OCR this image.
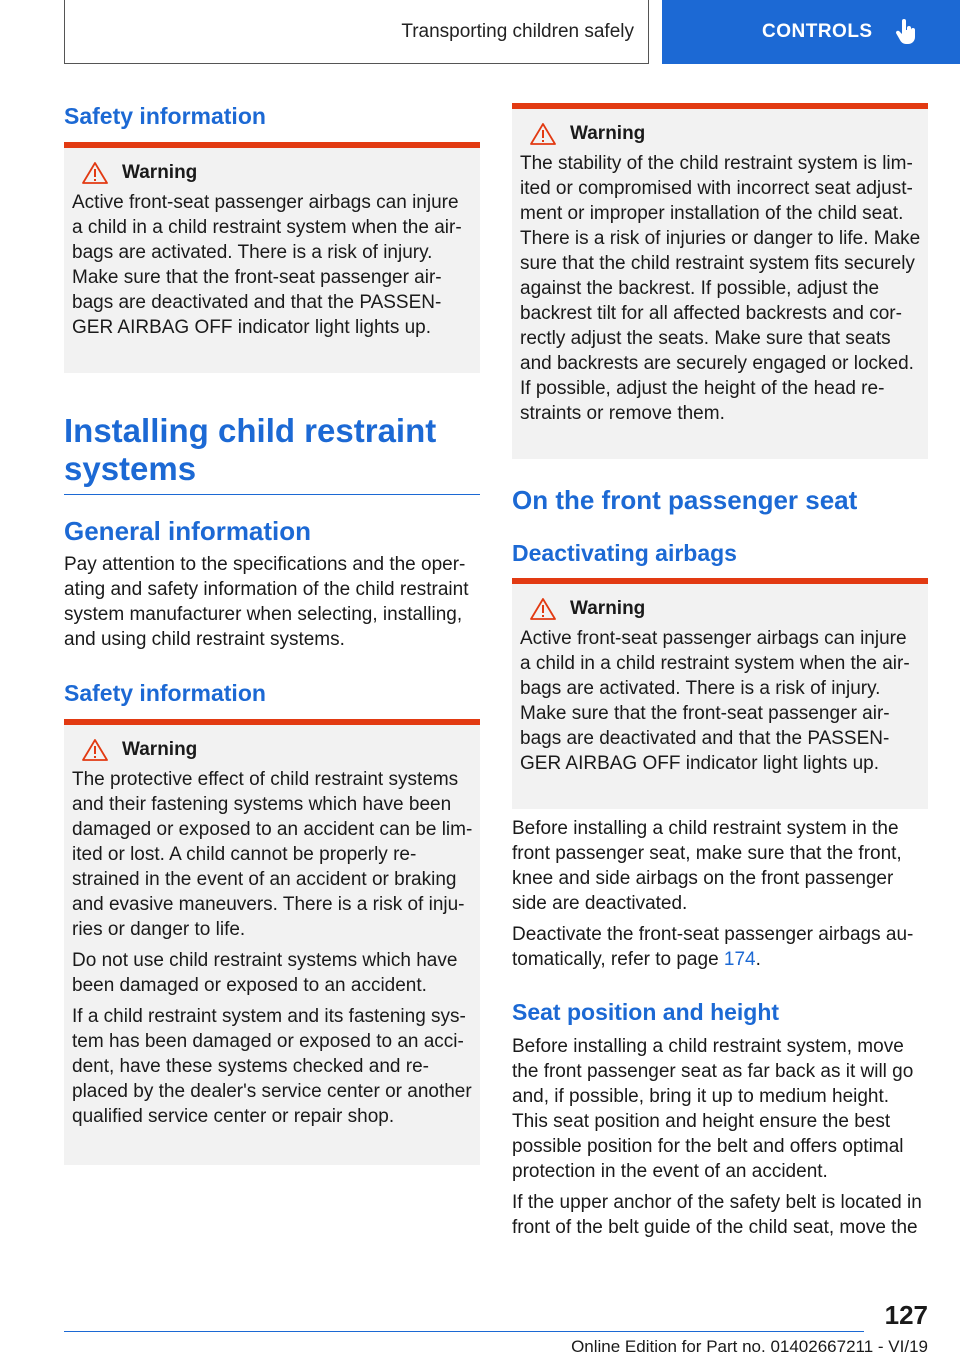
Transporting children safely	CONTROLS
Safety information
Warning

Active front-seat passenger airbags can injure a child in a child restraint system when the air-bags are activated. There is a risk of injury. Make sure that the front-seat passenger air-bags are deactivated and that the PASSEN-GER AIRBAG OFF indicator light lights up.

Installing child restraint systems
General information

Pay attention to the specifications and the oper-ating and safety information of the child restraint system manufacturer when selecting, installing, and using child restraint systems.

Safety information
Warning

The protective effect of child restraint systems and their fastening systems which have been damaged or exposed to an accident can be lim-ited or lost. A child cannot be properly re-strained in the event of an accident or braking and evasive maneuvers. There is a risk of inju-ries or danger to life.

Do not use child restraint systems which have been damaged or exposed to an accident.

If a child restraint system and its fastening sys-tem has been damaged or exposed to an acci-dent, have these systems checked and re-placed by the dealer's service center or another qualified service center or repair shop.

Warning

The stability of the child restraint system is lim-ited or compromised with incorrect seat adjust-ment or improper installation of the child seat. There is a risk of injuries or danger to life. Make sure that the child restraint system fits securely against the backrest. If possible, adjust the backrest tilt for all affected backrests and cor-rectly adjust the seats. Make sure that seats and backrests are securely engaged or locked. If possible, adjust the height of the head re-straints or remove them.

On the front passenger seat
Deactivating airbags
Warning

Active front-seat passenger airbags can injure a child in a child restraint system when the air-bags are activated. There is a risk of injury. Make sure that the front-seat passenger air-bags are deactivated and that the PASSEN-GER AIRBAG OFF indicator light lights up.

Before installing a child restraint system in the front passenger seat, make sure that the front, knee and side airbags on the front passenger side are deactivated.

Deactivate the front-seat passenger airbags au-tomatically, refer to page 174.

Seat position and height

Before installing a child restraint system, move the front passenger seat as far back as it will go and, if possible, bring it up to medium height. This seat position and height ensure the best possible position for the belt and offers optimal protection in the event of an accident.

If the upper anchor of the safety belt is located in front of the belt guide of the child seat, move the

127
Online Edition for Part no. 01402667211 - VI/19
